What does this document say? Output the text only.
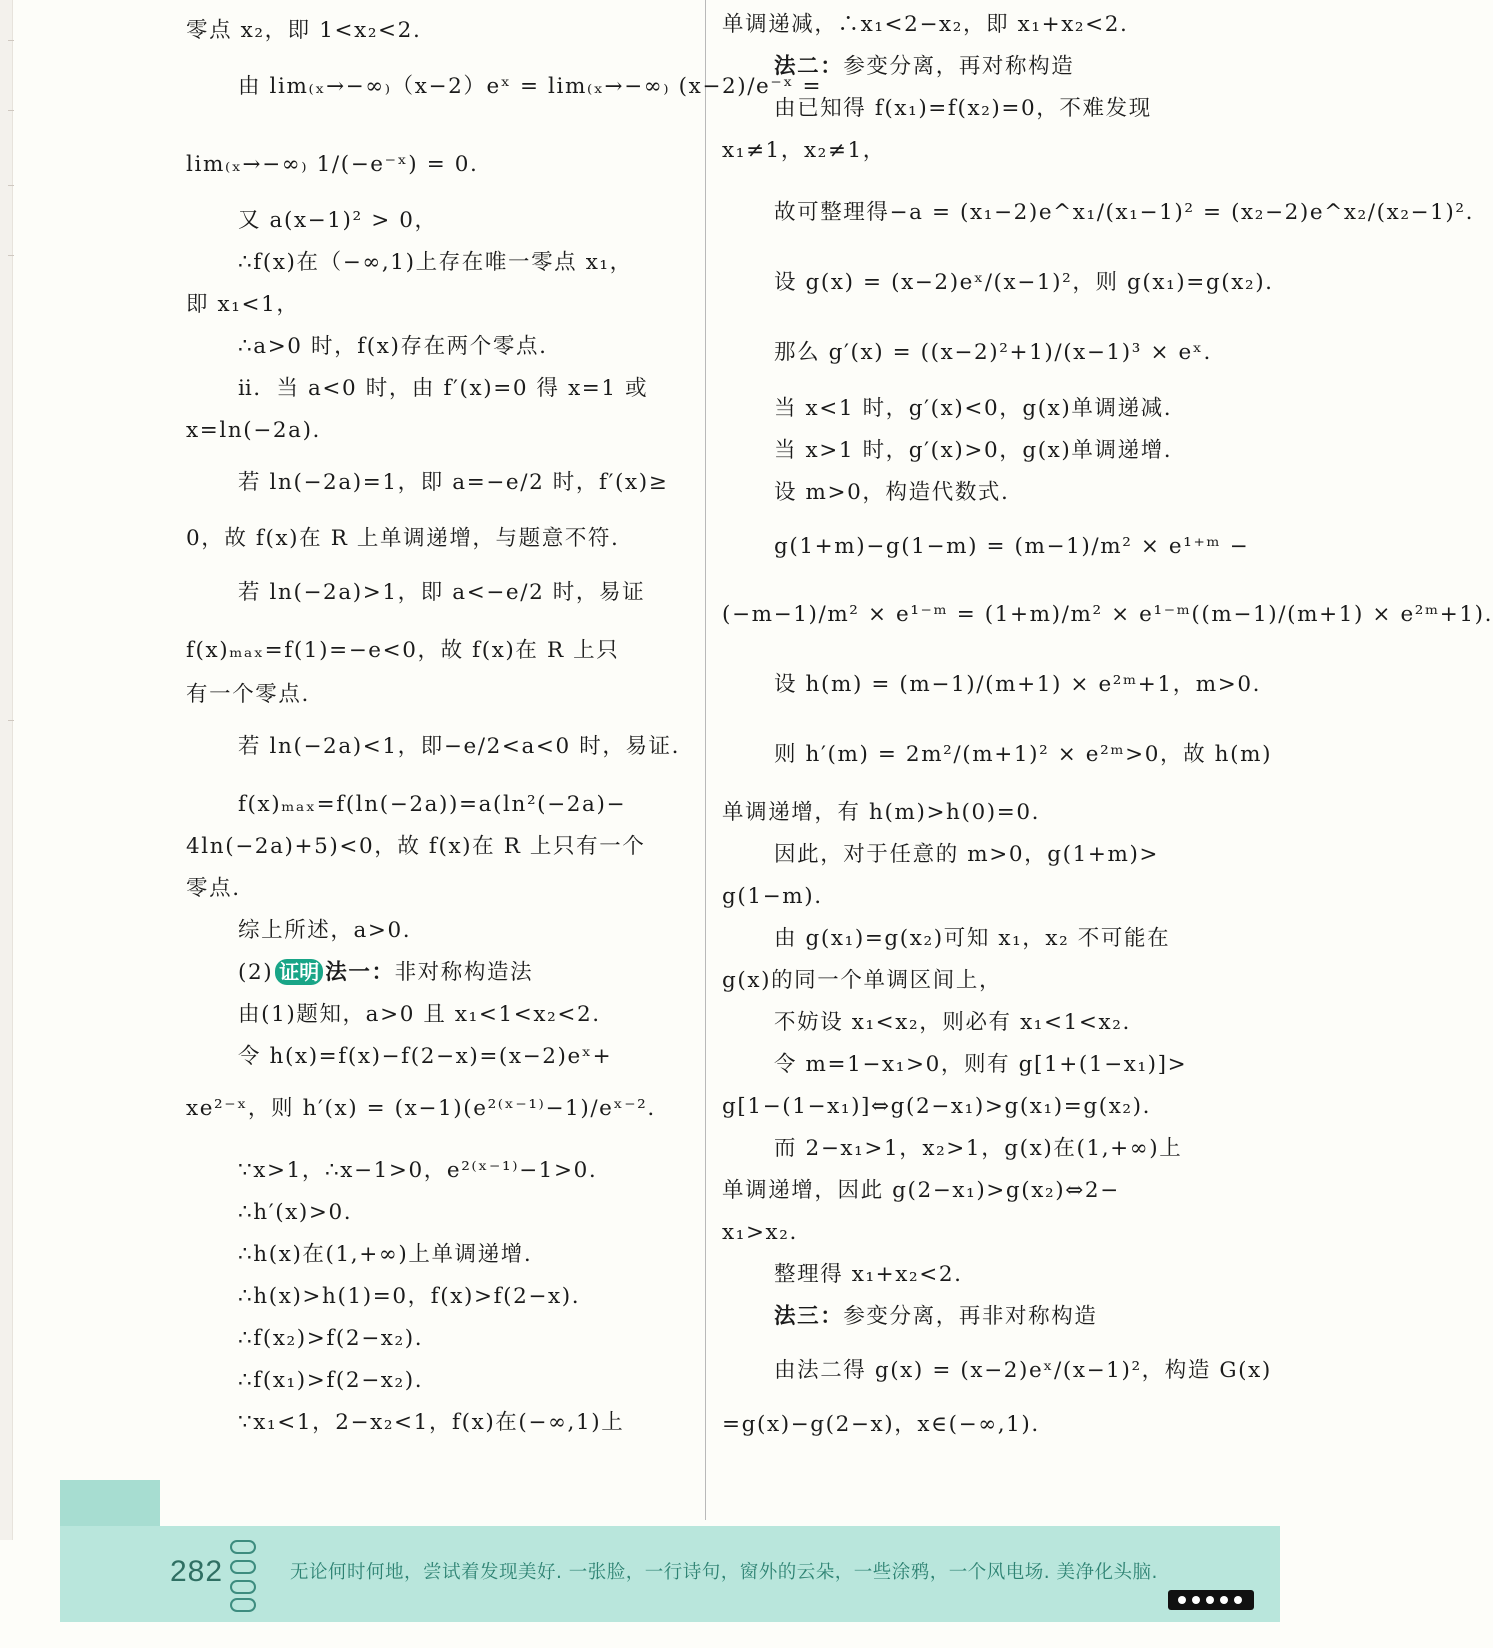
零点 x₂，即 1<x₂<2.
由 lim₍ₓ→−∞₎（x−2）eˣ = lim₍ₓ→−∞₎ (x−2)/e⁻ˣ =
lim₍ₓ→−∞₎ 1/(−e⁻ˣ) = 0.
又 a(x−1)² > 0，
∴f(x)在（−∞,1)上存在唯一零点 x₁，
即 x₁<1，
∴a>0 时，f(x)存在两个零点.
ⅱ．当 a<0 时，由 f′(x)=0 得 x=1 或
x=ln(−2a).
若 ln(−2a)=1，即 a=−e/2 时，f′(x)≥
0，故 f(x)在 R 上单调递增，与题意不符.
若 ln(−2a)>1，即 a<−e/2 时，易证
f(x)ₘₐₓ=f(1)=−e<0，故 f(x)在 R 上只
有一个零点.
若 ln(−2a)<1，即−e/2<a<0 时，易证.
f(x)ₘₐₓ=f(ln(−2a))=a(ln²(−2a)−
4ln(−2a)+5)<0，故 f(x)在 R 上只有一个
零点.
综上所述，a>0.
(2) 证明 法一：非对称构造法
由(1)题知，a>0 且 x₁<1<x₂<2.
令 h(x)=f(x)−f(2−x)=(x−2)eˣ+
xe²⁻ˣ，则 h′(x) = (x−1)(e²⁽ˣ⁻¹⁾−1)/eˣ⁻².
∵x>1，∴x−1>0，e²⁽ˣ⁻¹⁾−1>0.
∴h′(x)>0.
∴h(x)在(1,+∞)上单调递增.
∴h(x)>h(1)=0，f(x)>f(2−x).
∴f(x₂)>f(2−x₂).
∴f(x₁)>f(2−x₂).
∵x₁<1，2−x₂<1，f(x)在(−∞,1)上
单调递减，∴x₁<2−x₂，即 x₁+x₂<2.
法二：参变分离，再对称构造
由已知得 f(x₁)=f(x₂)=0，不难发现
x₁≠1，x₂≠1，
故可整理得−a = (x₁−2)e^x₁/(x₁−1)² = (x₂−2)e^x₂/(x₂−1)².
设 g(x) = (x−2)eˣ/(x−1)²，则 g(x₁)=g(x₂).
那么 g′(x) = ((x−2)²+1)/(x−1)³ × eˣ.
当 x<1 时，g′(x)<0，g(x)单调递减.
当 x>1 时，g′(x)>0，g(x)单调递增.
设 m>0，构造代数式.
g(1+m)−g(1−m) = (m−1)/m² × e¹⁺ᵐ −
(−m−1)/m² × e¹⁻ᵐ = (1+m)/m² × e¹⁻ᵐ((m−1)/(m+1) × e²ᵐ+1).
设 h(m) = (m−1)/(m+1) × e²ᵐ+1，m>0.
则 h′(m) = 2m²/(m+1)² × e²ᵐ>0，故 h(m)
单调递增，有 h(m)>h(0)=0.
因此，对于任意的 m>0，g(1+m)>
g(1−m).
由 g(x₁)=g(x₂)可知 x₁，x₂ 不可能在
g(x)的同一个单调区间上，
不妨设 x₁<x₂，则必有 x₁<1<x₂.
令 m=1−x₁>0，则有 g[1+(1−x₁)]>
g[1−(1−x₁)]⇔g(2−x₁)>g(x₁)=g(x₂).
而 2−x₁>1，x₂>1，g(x)在(1,+∞)上
单调递增，因此 g(2−x₁)>g(x₂)⇔2−
x₁>x₂.
整理得 x₁+x₂<2.
法三：参变分离，再非对称构造
由法二得 g(x) = (x−2)eˣ/(x−1)²，构造 G(x)
=g(x)−g(2−x)，x∈(−∞,1).
282	无论何时何地，尝试着发现美好. 一张脸，一行诗句，窗外的云朵，一些涂鸦，一个风电场. 美净化头脑.
